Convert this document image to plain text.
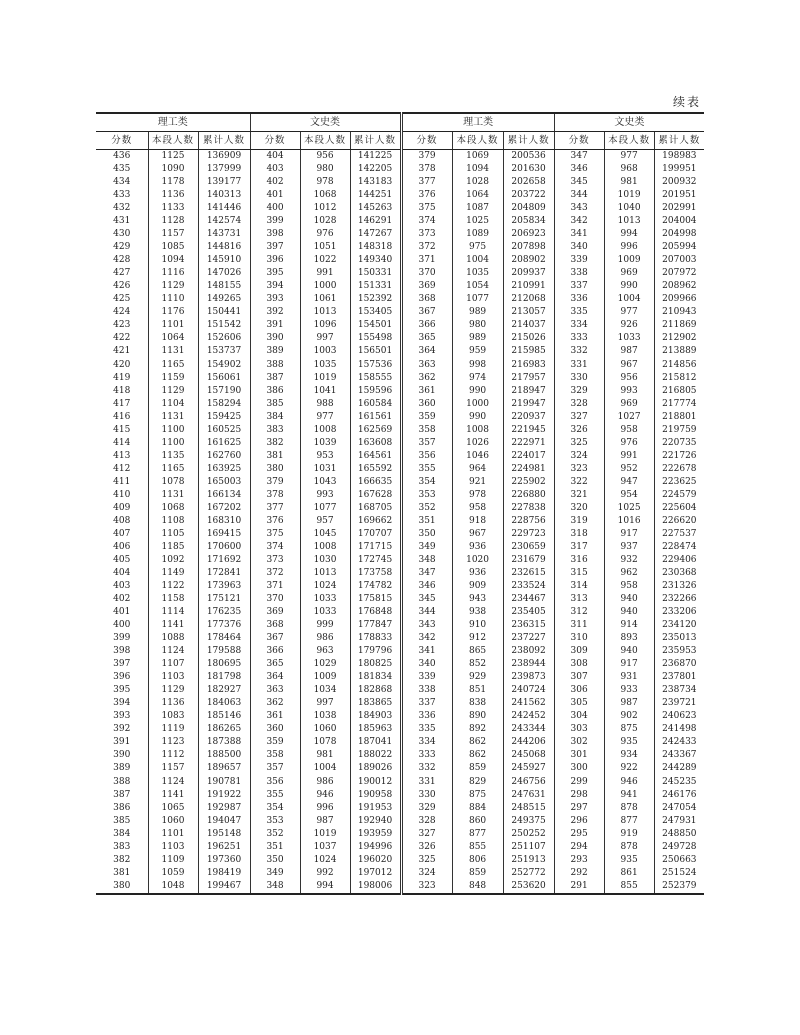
续表
理工类			文史类			理工类			文史类		
分数	本段人数	累计人数	分数	本段人数	累计人数	分数	本段人数	累计人数	分数	本段人数	累计人数
436	1125	136909	404	956	141225	379	1069	200536	347	977	198983
435	1090	137999	403	980	142205	378	1094	201630	346	968	199951
434	1178	139177	402	978	143183	377	1028	202658	345	981	200932
433	1136	140313	401	1068	144251	376	1064	203722	344	1019	201951
432	1133	141446	400	1012	145263	375	1087	204809	343	1040	202991
431	1128	142574	399	1028	146291	374	1025	205834	342	1013	204004
430	1157	143731	398	976	147267	373	1089	206923	341	994	204998
429	1085	144816	397	1051	148318	372	975	207898	340	996	205994
428	1094	145910	396	1022	149340	371	1004	208902	339	1009	207003
427	1116	147026	395	991	150331	370	1035	209937	338	969	207972
426	1129	148155	394	1000	151331	369	1054	210991	337	990	208962
425	1110	149265	393	1061	152392	368	1077	212068	336	1004	209966
424	1176	150441	392	1013	153405	367	989	213057	335	977	210943
423	1101	151542	391	1096	154501	366	980	214037	334	926	211869
422	1064	152606	390	997	155498	365	989	215026	333	1033	212902
421	1131	153737	389	1003	156501	364	959	215985	332	987	213889
420	1165	154902	388	1035	157536	363	998	216983	331	967	214856
419	1159	156061	387	1019	158555	362	974	217957	330	956	215812
418	1129	157190	386	1041	159596	361	990	218947	329	993	216805
417	1104	158294	385	988	160584	360	1000	219947	328	969	217774
416	1131	159425	384	977	161561	359	990	220937	327	1027	218801
415	1100	160525	383	1008	162569	358	1008	221945	326	958	219759
414	1100	161625	382	1039	163608	357	1026	222971	325	976	220735
413	1135	162760	381	953	164561	356	1046	224017	324	991	221726
412	1165	163925	380	1031	165592	355	964	224981	323	952	222678
411	1078	165003	379	1043	166635	354	921	225902	322	947	223625
410	1131	166134	378	993	167628	353	978	226880	321	954	224579
409	1068	167202	377	1077	168705	352	958	227838	320	1025	225604
408	1108	168310	376	957	169662	351	918	228756	319	1016	226620
407	1105	169415	375	1045	170707	350	967	229723	318	917	227537
406	1185	170600	374	1008	171715	349	936	230659	317	937	228474
405	1092	171692	373	1030	172745	348	1020	231679	316	932	229406
404	1149	172841	372	1013	173758	347	936	232615	315	962	230368
403	1122	173963	371	1024	174782	346	909	233524	314	958	231326
402	1158	175121	370	1033	175815	345	943	234467	313	940	232266
401	1114	176235	369	1033	176848	344	938	235405	312	940	233206
400	1141	177376	368	999	177847	343	910	236315	311	914	234120
399	1088	178464	367	986	178833	342	912	237227	310	893	235013
398	1124	179588	366	963	179796	341	865	238092	309	940	235953
397	1107	180695	365	1029	180825	340	852	238944	308	917	236870
396	1103	181798	364	1009	181834	339	929	239873	307	931	237801
395	1129	182927	363	1034	182868	338	851	240724	306	933	238734
394	1136	184063	362	997	183865	337	838	241562	305	987	239721
393	1083	185146	361	1038	184903	336	890	242452	304	902	240623
392	1119	186265	360	1060	185963	335	892	243344	303	875	241498
391	1123	187388	359	1078	187041	334	862	244206	302	935	242433
390	1112	188500	358	981	188022	333	862	245068	301	934	243367
389	1157	189657	357	1004	189026	332	859	245927	300	922	244289
388	1124	190781	356	986	190012	331	829	246756	299	946	245235
387	1141	191922	355	946	190958	330	875	247631	298	941	246176
386	1065	192987	354	996	191953	329	884	248515	297	878	247054
385	1060	194047	353	987	192940	328	860	249375	296	877	247931
384	1101	195148	352	1019	193959	327	877	250252	295	919	248850
383	1103	196251	351	1037	194996	326	855	251107	294	878	249728
382	1109	197360	350	1024	196020	325	806	251913	293	935	250663
381	1059	198419	349	992	197012	324	859	252772	292	861	251524
380	1048	199467	348	994	198006	323	848	253620	291	855	252379
